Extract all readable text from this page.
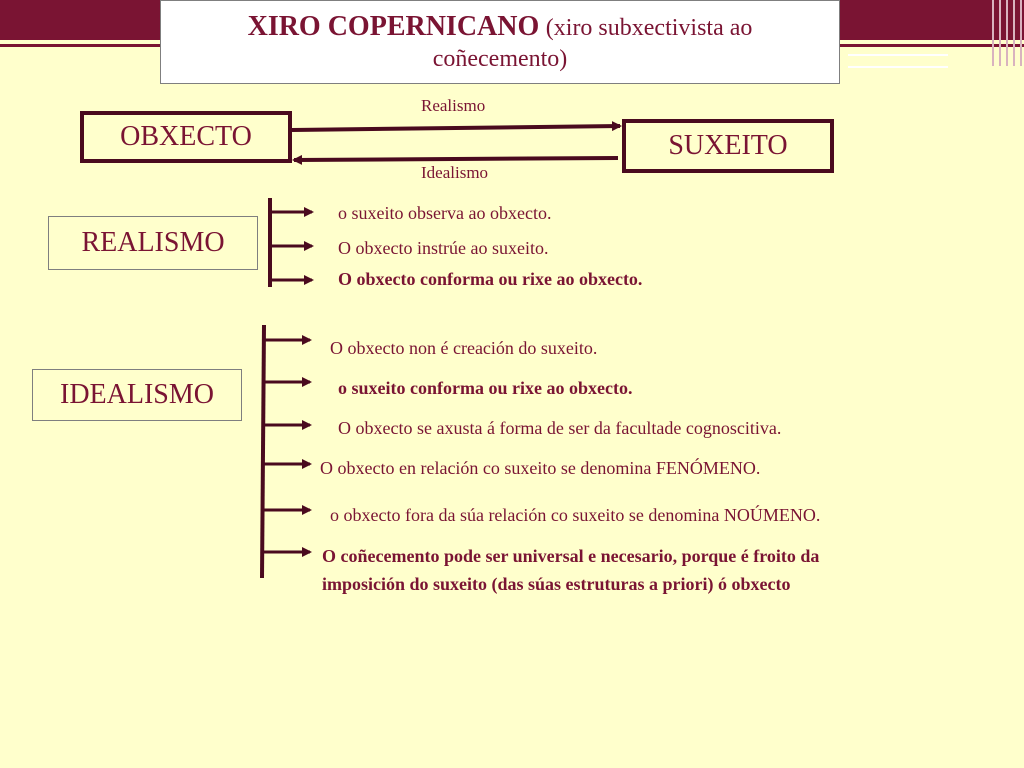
XIRO COPERNICANO (xiro subxectivista ao
coñecemento)
OBXECTO	SUXEITO
Realismo
Idealismo
REALISMO
o suxeito observa ao obxecto.
O obxecto instrúe ao suxeito.
O obxecto conforma ou rixe ao obxecto.
IDEALISMO
O obxecto non é creación do suxeito.
o suxeito conforma ou rixe ao obxecto.
O obxecto se axusta á forma de ser da facultade cognoscitiva.
O obxecto en relación co suxeito se denomina FENÓMENO.
o obxecto fora da súa relación co suxeito se denomina NOÚMENO.
O coñecemento pode ser universal e necesario, porque é froito da
imposición do suxeito (das súas estruturas a priori) ó obxecto
